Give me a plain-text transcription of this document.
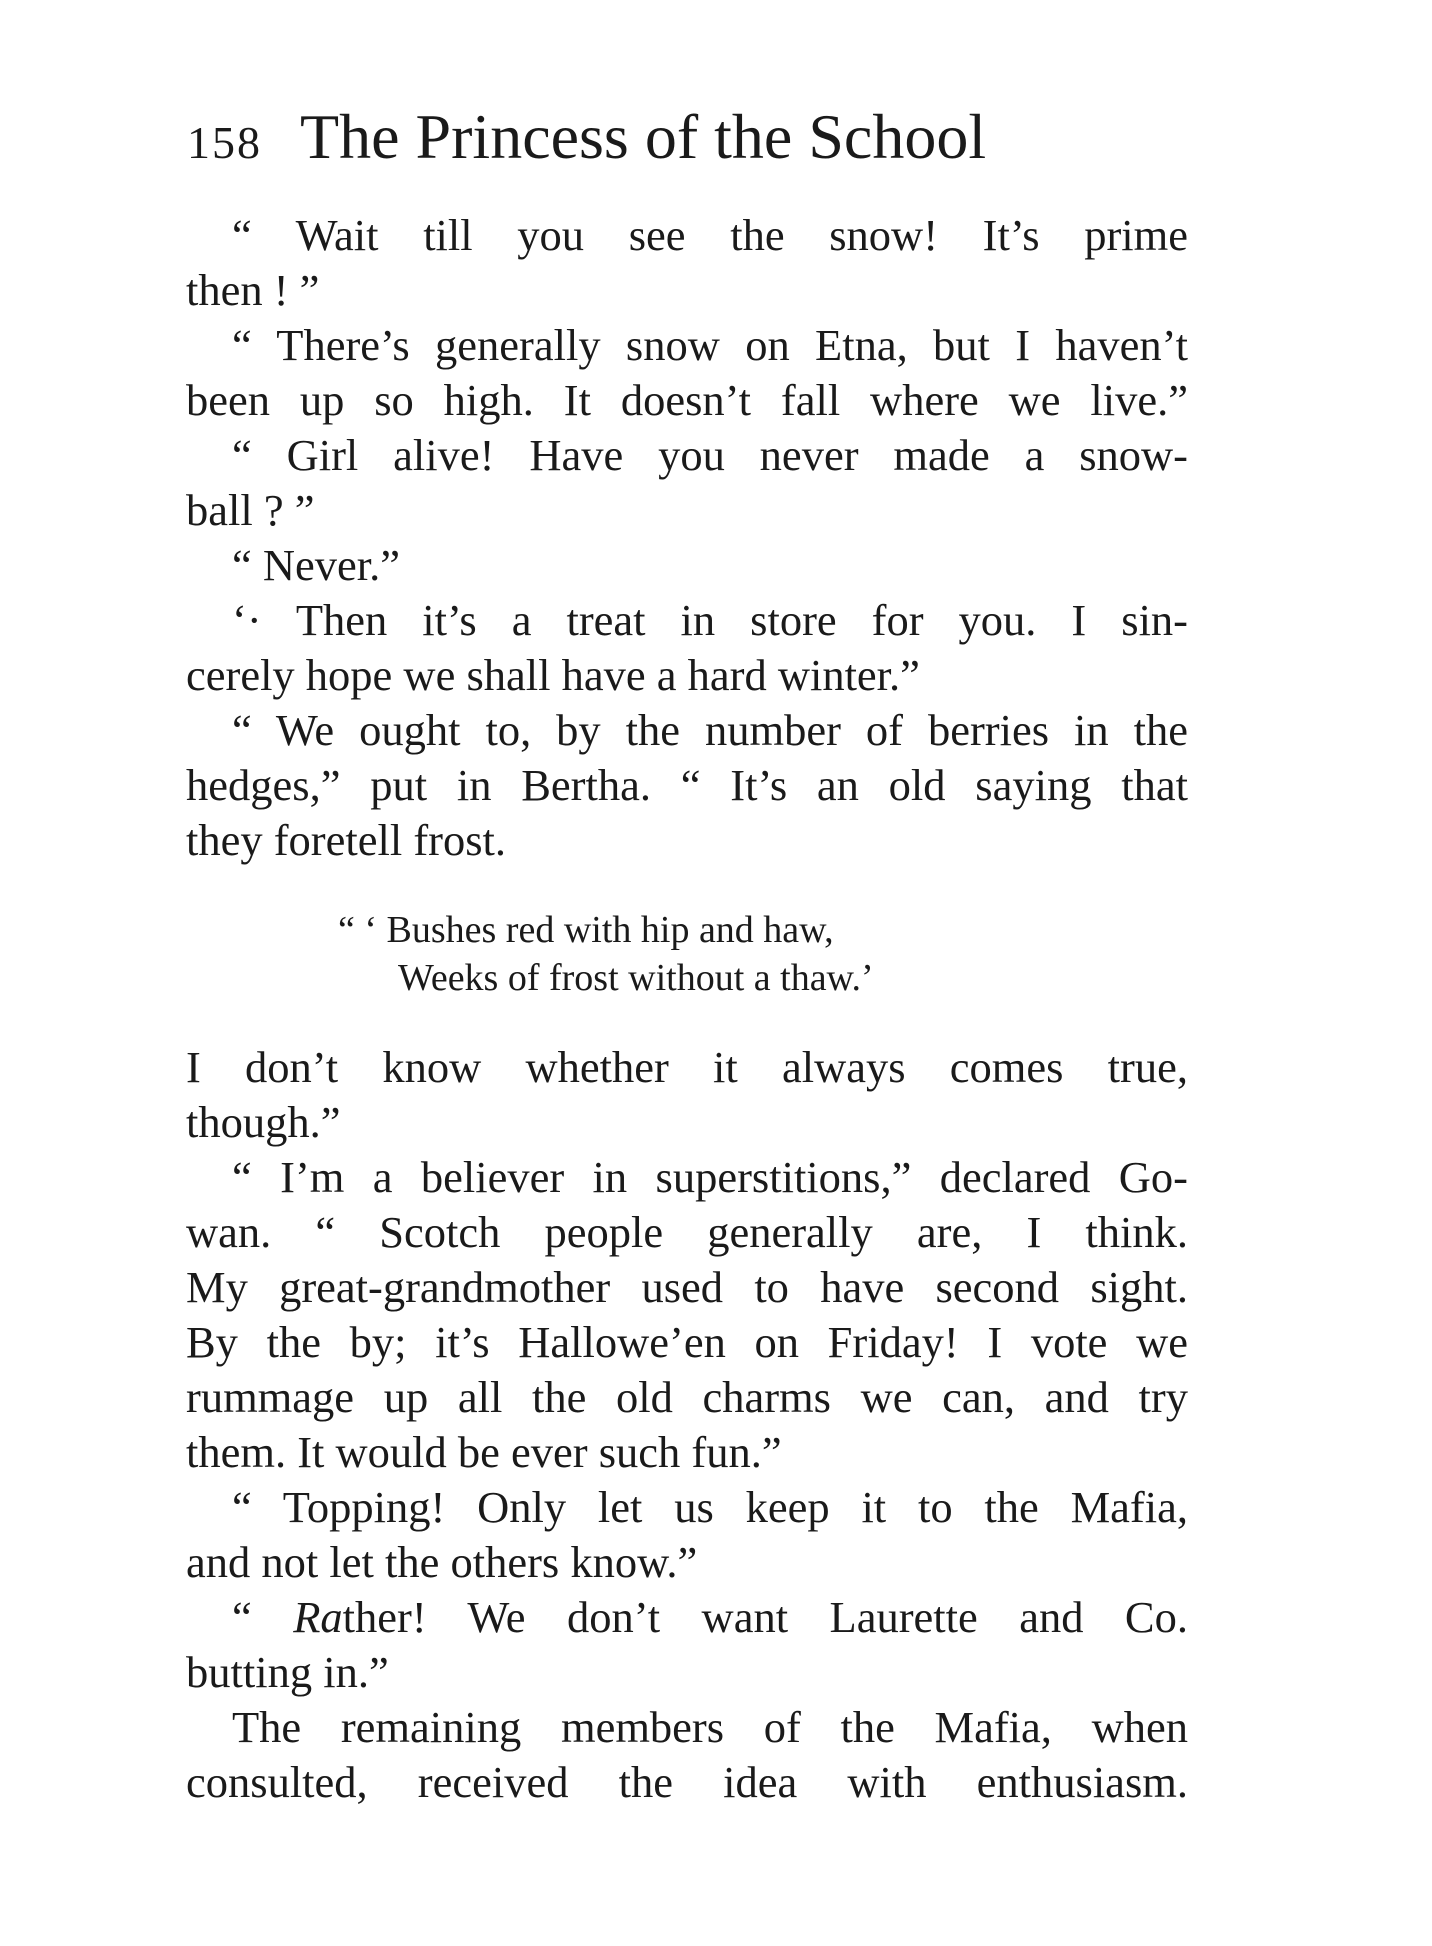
158 The Princess of the School
“ Wait till you see the snow! It’s prime
then ! ”
“ There’s generally snow on Etna, but I haven’t
been up so high. It doesn’t fall where we live.”
“ Girl alive! Have you never made a snow-
ball ? ”
“ Never.”
‘· Then it’s a treat in store for you. I sin-
cerely hope we shall have a hard winter.”
“ We ought to, by the number of berries in the
hedges,” put in Bertha. “ It’s an old saying that
they foretell frost.
“ ‘ Bushes red with hip and haw,
Weeks of frost without a thaw.’
I don’t know whether it always comes true,
though.”
“ I’m a believer in superstitions,” declared Go-
wan. “ Scotch people generally are, I think.
My great-grandmother used to have second sight.
By the by; it’s Hallowe’en on Friday! I vote we
rummage up all the old charms we can, and try
them. It would be ever such fun.”
“ Topping! Only let us keep it to the Mafia,
and not let the others know.”
“ Rather! We don’t want Laurette and Co.
butting in.”
The remaining members of the Mafia, when
consulted, received the idea with enthusiasm.
